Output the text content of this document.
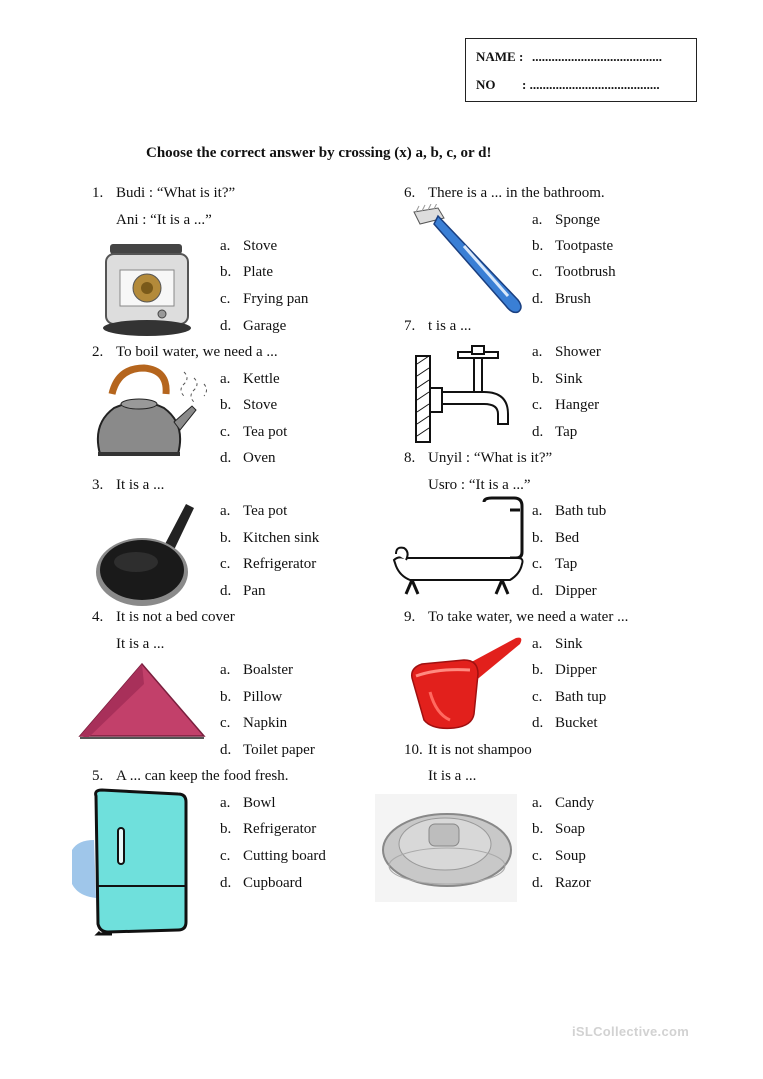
NAME : ........................................
NO : ........................................
Choose the correct answer by crossing (x) a, b, c, or d!
1. Budi : “What is it?”
Ani : “It is a ...”
a. Stove
b. Plate
c. Frying pan
d. Garage
2. To boil water, we need a ...
a. Kettle
b. Stove
c. Tea pot
d. Oven
3. It is a ...
a. Tea pot
b. Kitchen sink
c. Refrigerator
d. Pan
4. It is not a bed cover
It is a ...
a. Boalster
b. Pillow
c. Napkin
d. Toilet paper
5. A ... can keep the food fresh.
a. Bowl
b. Refrigerator
c. Cutting board
d. Cupboard
6. There is a ... in the bathroom.
a. Sponge
b. Tootpaste
c. Tootbrush
d. Brush
7. t is a ...
a. Shower
b. Sink
c. Hanger
d. Tap
8. Unyil : “What is it?”
Usro : “It is a ...”
a. Bath tub
b. Bed
c. Tap
d. Dipper
9. To take water, we need a water ...
a. Sink
b. Dipper
c. Bath tup
d. Bucket
10. It is not shampoo
It is a ...
a. Candy
b. Soap
c. Soup
d. Razor
iSLCollective.com
